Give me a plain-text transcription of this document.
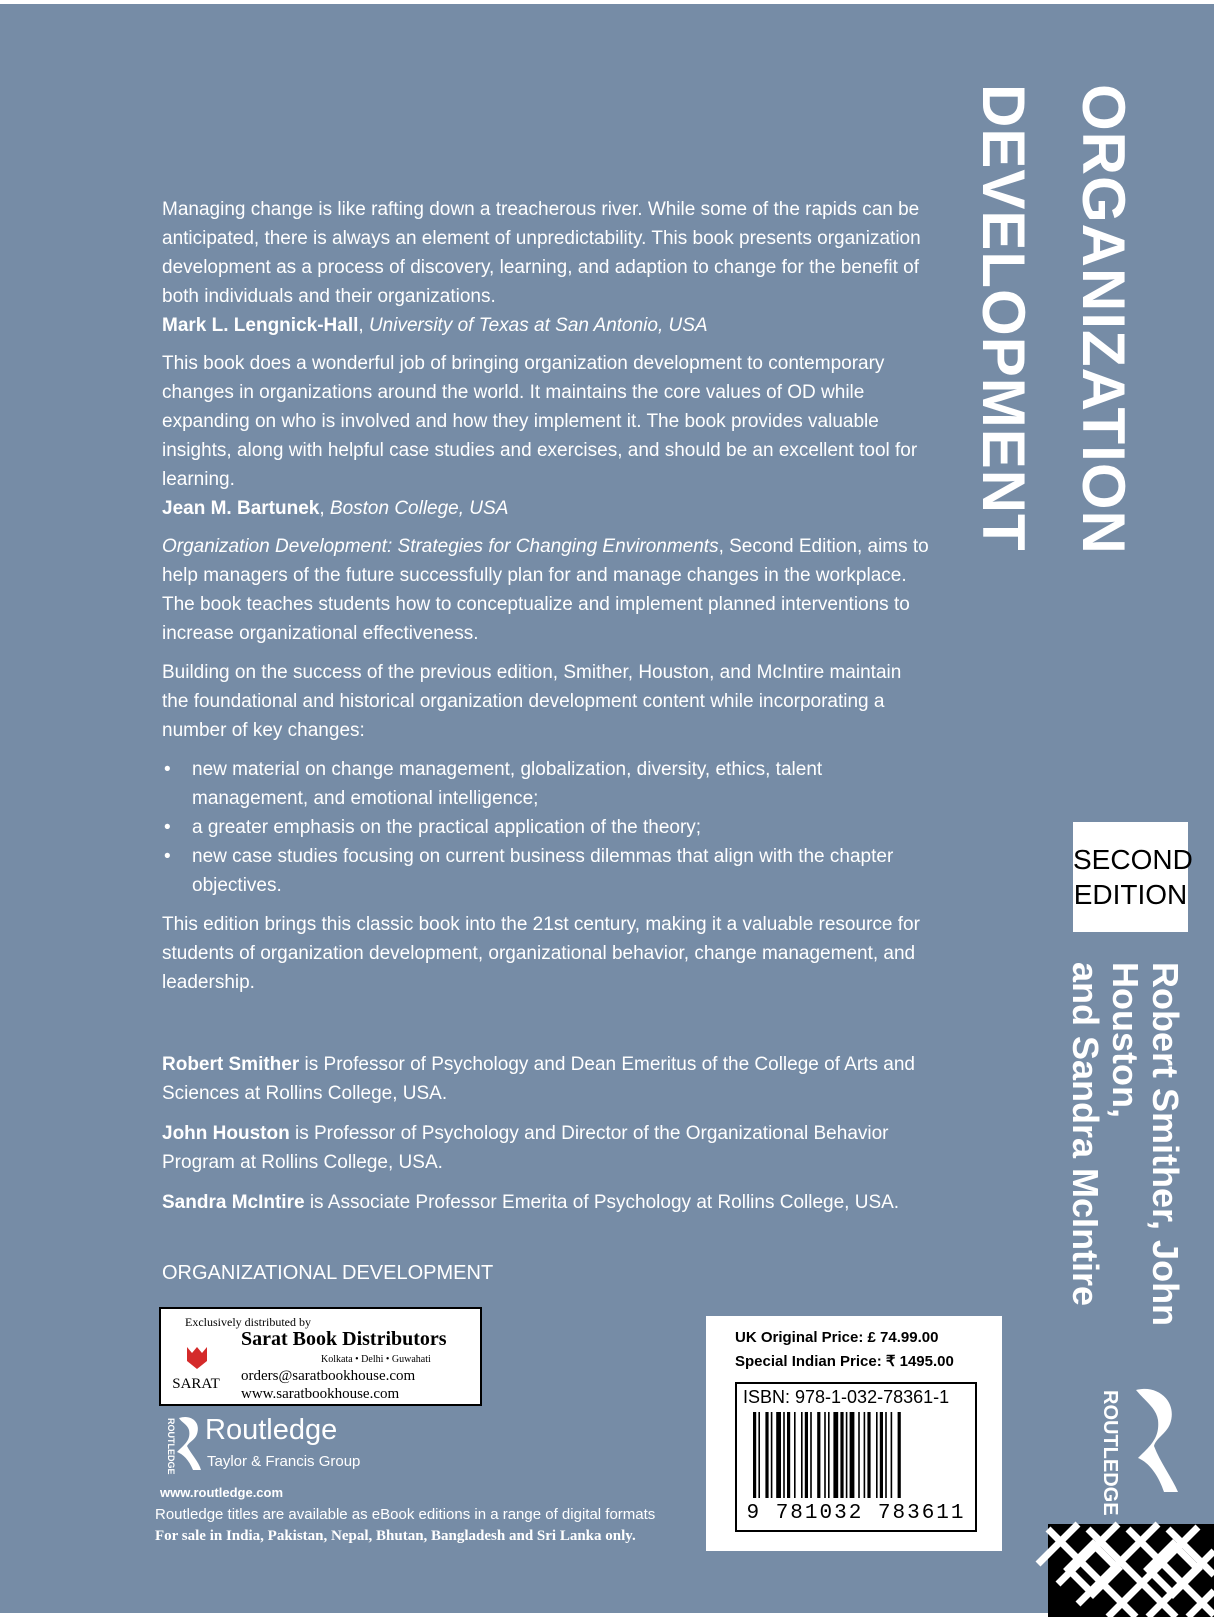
Managing change is like rafting down a treacherous river. While some of the rapids can be anticipated, there is always an element of unpredictability. This book presents organization development as a process of discovery, learning, and adaption to change for the benefit of both individuals and their organizations.

Mark L. Lengnick-Hall, University of Texas at San Antonio, USA

This book does a wonderful job of bringing organization development to contemporary changes in organizations around the world. It maintains the core values of OD while expanding on who is involved and how they implement it. The book provides valuable insights, along with helpful case studies and exercises, and should be an excellent tool for learning.

Jean M. Bartunek, Boston College, USA

Organization Development: Strategies for Changing Environments, Second Edition, aims to help managers of the future successfully plan for and manage changes in the workplace. The book teaches students how to conceptualize and implement planned interventions to increase organizational effectiveness.

Building on the success of the previous edition, Smither, Houston, and McIntire maintain the foundational and historical organization development content while incorporating a number of key changes:

• new material on change management, globalization, diversity, ethics, talent management, and emotional intelligence;
• a greater emphasis on the practical application of the theory;
• new case studies focusing on current business dilemmas that align with the chapter objectives.

This edition brings this classic book into the 21st century, making it a valuable resource for students of organization development, organizational behavior, change management, and leadership.

Robert Smither is Professor of Psychology and Dean Emeritus of the College of Arts and Sciences at Rollins College, USA.

John Houston is Professor of Psychology and Director of the Organizational Behavior Program at Rollins College, USA.

Sandra McIntire is Associate Professor Emerita of Psychology at Rollins College, USA.

ORGANIZATIONAL DEVELOPMENT
Exclusively distributed by
Sarat Book Distributors
Kolkata • Delhi • Guwahati
orders@saratbookhouse.com
www.saratbookhouse.com
SARAT
ROUTLEDGE Routledge
Taylor & Francis Group
www.routledge.com
Routledge titles are available as eBook editions in a range of digital formats
For sale in India, Pakistan, Nepal, Bhutan, Bangladesh and Sri Lanka only.
UK Original Price: £ 74.99.00
Special Indian Price: ₹ 1495.00
ISBN: 978-1-032-78361-1
9 781032 783611
ORGANIZATION DEVELOPMENT
SECOND
EDITION
Robert Smither, John Houston,
and Sandra McIntire
ROUTLEDGE
